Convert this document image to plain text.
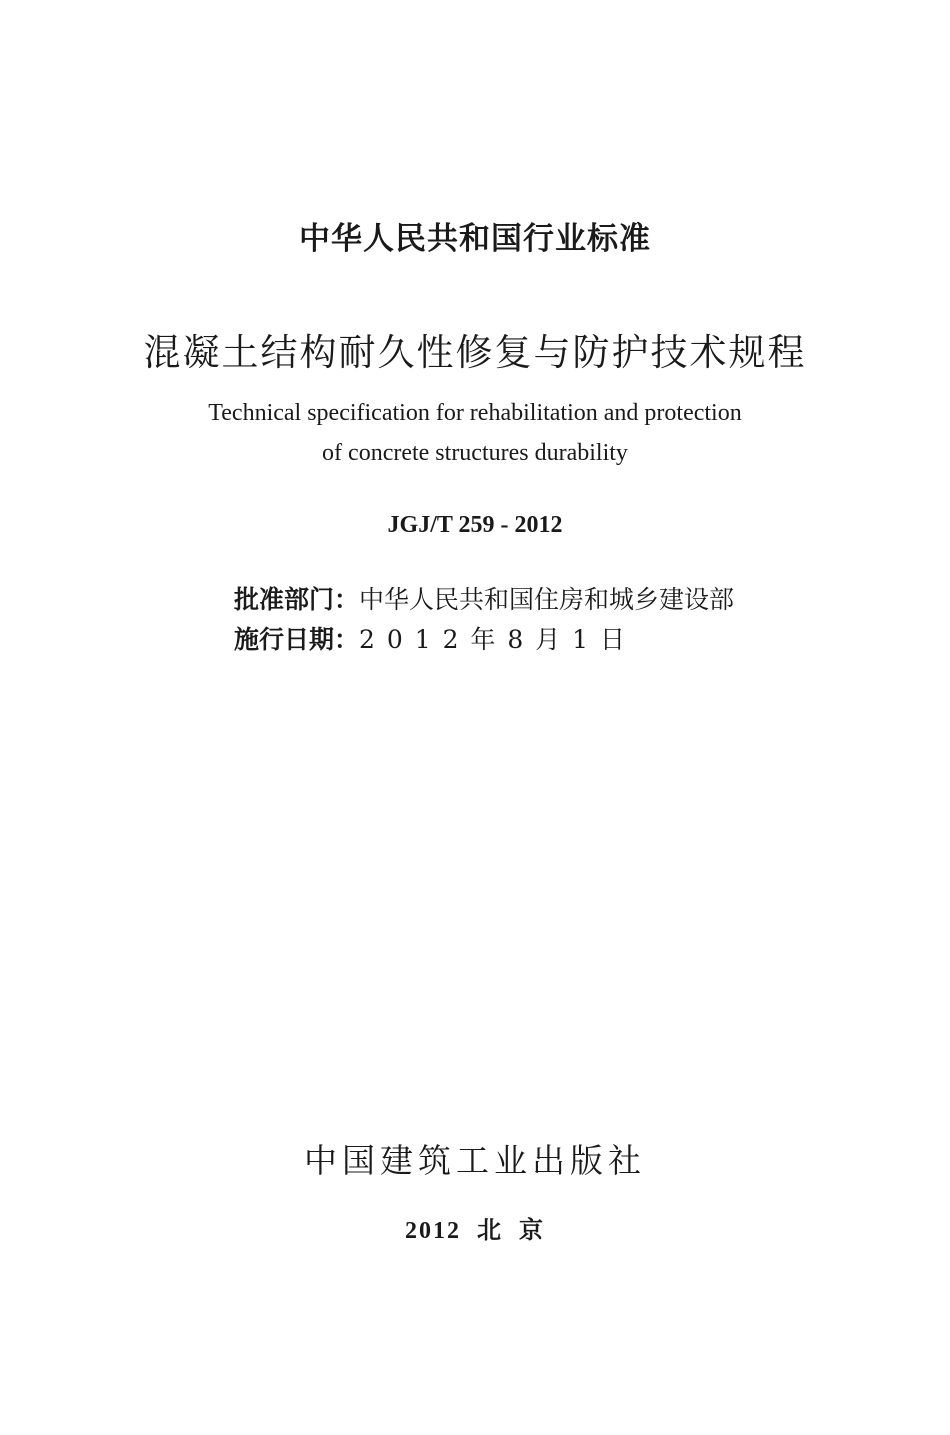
中华人民共和国行业标准
混凝土结构耐久性修复与防护技术规程
Technical specification for rehabilitation and protection
of concrete structures durability
JGJ/T 259 - 2012
批准部门：中华人民共和国住房和城乡建设部
施行日期：2 0 1 2 年 8 月 1 日
中国建筑工业出版社
2012  北  京
